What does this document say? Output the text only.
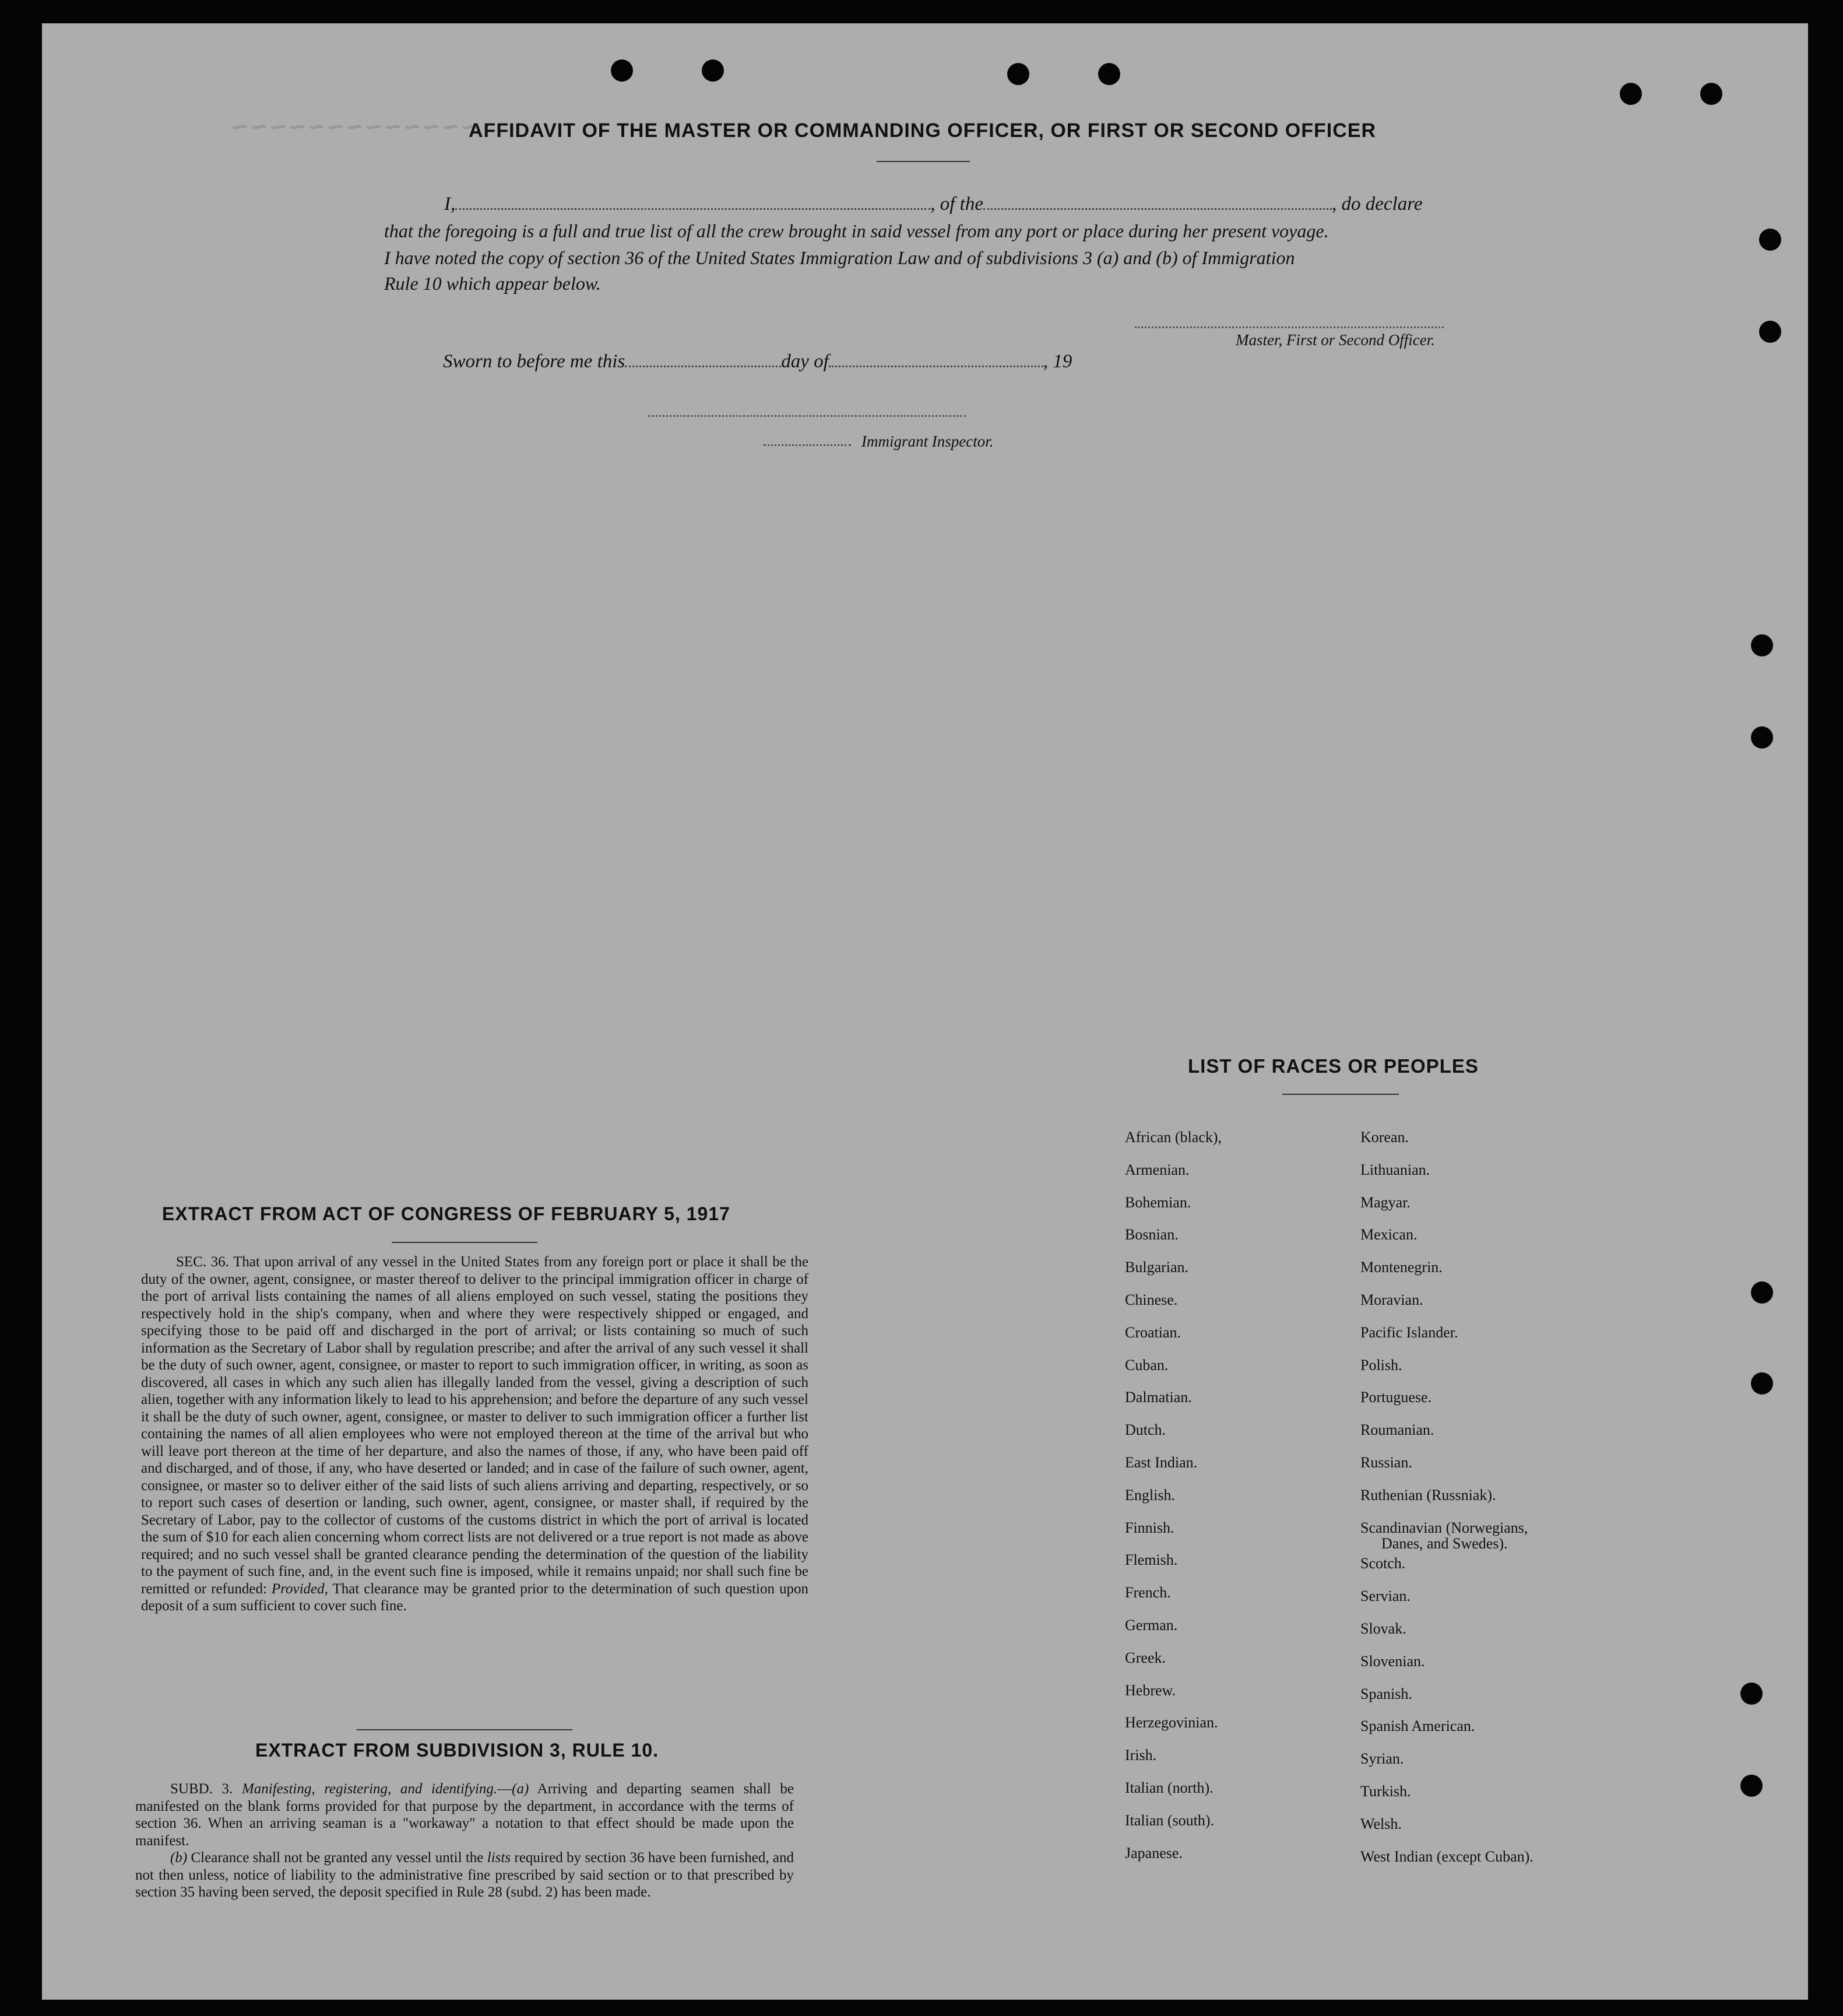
~~~~~~~~~~~~~
AFFIDAVIT OF THE MASTER OR COMMANDING OFFICER, OR FIRST OR SECOND OFFICER
I,	, of the	, do declare
that the foregoing is a full and true list of all the crew brought in said vessel from any port or place during her present voyage.
I have noted the copy of section 36 of the United States Immigration Law and of subdivisions 3 (a) and (b) of Immigration
Rule 10 which appear below.
Master, First or Second Officer.
Sworn to before me this	day of	, 19
Immigrant Inspector.
LIST OF RACES OR PEOPLES
EXTRACT FROM ACT OF CONGRESS OF FEBRUARY 5, 1917

SEC. 36. That upon arrival of any vessel in the United States from any foreign port or place it shall be the duty of the owner, agent, consignee, or master thereof to deliver to the principal immigration officer in charge of the port of arrival lists containing the names of all aliens employed on such vessel, stating the positions they respectively hold in the ship's company, when and where they were respectively shipped or engaged, and specifying those to be paid off and discharged in the port of arrival; or lists containing so much of such information as the Secretary of Labor shall by regulation prescribe; and after the arrival of any such vessel it shall be the duty of such owner, agent, consignee, or master to report to such immigration officer, in writing, as soon as discovered, all cases in which any such alien has illegally landed from the vessel, giving a description of such alien, together with any information likely to lead to his apprehension; and before the departure of any such vessel it shall be the duty of such owner, agent, consignee, or master to deliver to such immigration officer a further list containing the names of all alien employees who were not employed thereon at the time of the arrival but who will leave port thereon at the time of her departure, and also the names of those, if any, who have been paid off and discharged, and of those, if any, who have deserted or landed; and in case of the failure of such owner, agent, consignee, or master so to deliver either of the said lists of such aliens arriving and departing, respectively, or so to report such cases of desertion or landing, such owner, agent, consignee, or master shall, if required by the Secretary of Labor, pay to the collector of customs of the customs district in which the port of arrival is located the sum of $10 for each alien concerning whom correct lists are not delivered or a true report is not made as above required; and no such vessel shall be granted clearance pending the determination of the question of the liability to the payment of such fine, and, in the event such fine is imposed, while it remains unpaid; nor shall such fine be remitted or refunded: Provided, That clearance may be granted prior to the determination of such question upon deposit of a sum sufficient to cover such fine.

EXTRACT FROM SUBDIVISION 3, RULE 10.

SUBD. 3. Manifesting, registering, and identifying.—(a) Arriving and departing seamen shall be manifested on the blank forms provided for that purpose by the department, in accordance with the terms of section 36. When an arriving seaman is a "workaway" a notation to that effect should be made upon the manifest.

(b) Clearance shall not be granted any vessel until the lists required by section 36 have been furnished, and not then unless, notice of liability to the administrative fine prescribed by said section or to that prescribed by section 35 having been served, the deposit specified in Rule 28 (subd. 2) has been made.

African (black),
Armenian.
Bohemian.
Bosnian.
Bulgarian.
Chinese.
Croatian.
Cuban.
Dalmatian.
Dutch.
East Indian.
English.
Finnish.
Flemish.
French.
German.
Greek.
Hebrew.
Herzegovinian.
Irish.
Italian (north).
Italian (south).
Japanese.
Korean.
Lithuanian.
Magyar.
Mexican.
Montenegrin.
Moravian.
Pacific Islander.
Polish.
Portuguese.
Roumanian.
Russian.
Ruthenian (Russniak).
Scandinavian (Norwegians,
Danes, and Swedes).
Scotch.
Servian.
Slovak.
Slovenian.
Spanish.
Spanish American.
Syrian.
Turkish.
Welsh.
West Indian (except Cuban).
